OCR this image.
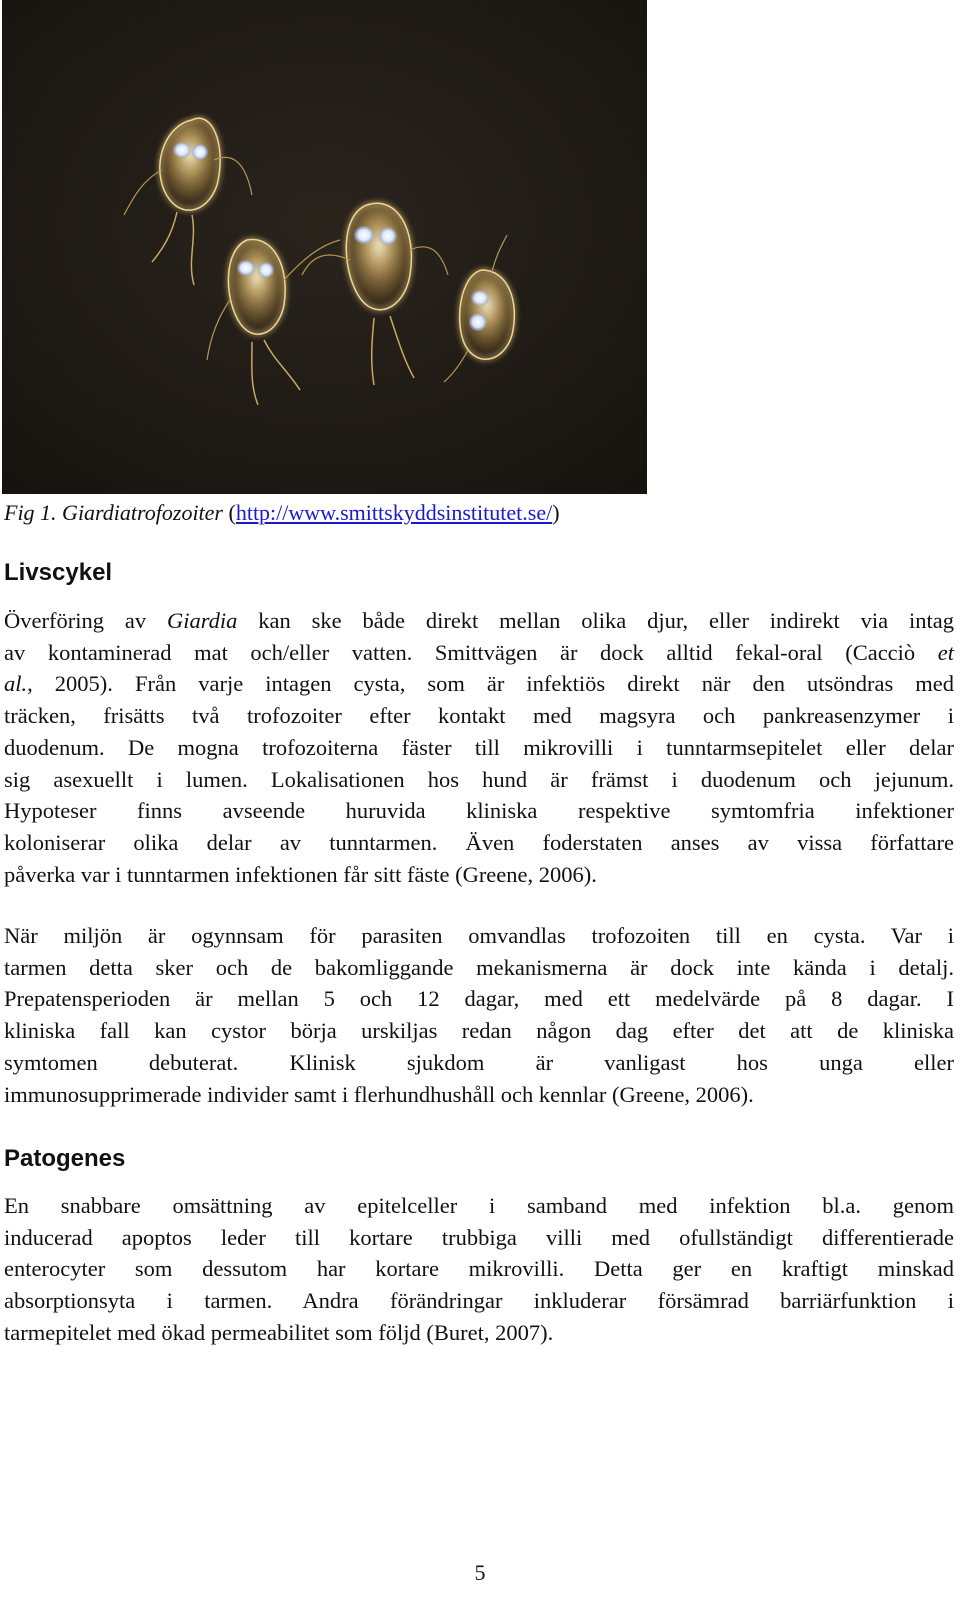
Fig 1. Giardiatrofozoiter (http://www.smittskyddsinstitutet.se/)
Livscykel
Överföring av Giardia kan ske både direkt mellan olika djur, eller indirekt via intag
av kontaminerad mat och/eller vatten. Smittvägen är dock alltid fekal-oral (Cacciò et
al., 2005). Från varje intagen cysta, som är infektiös direkt när den utsöndras med
träcken, frisätts två trofozoiter efter kontakt med magsyra och pankreasenzymer i
duodenum. De mogna trofozoiterna fäster till mikrovilli i tunntarmsepitelet eller delar
sig asexuellt i lumen. Lokalisationen hos hund är främst i duodenum och jejunum.
Hypoteser finns avseende huruvida kliniska respektive symtomfria infektioner
koloniserar olika delar av tunntarmen. Även foderstaten anses av vissa författare
påverka var i tunntarmen infektionen får sitt fäste (Greene, 2006).
När miljön är ogynnsam för parasiten omvandlas trofozoiten till en cysta. Var i
tarmen detta sker och de bakomliggande mekanismerna är dock inte kända i detalj.
Prepatensperioden är mellan 5 och 12 dagar, med ett medelvärde på 8 dagar. I
kliniska fall kan cystor börja urskiljas redan någon dag efter det att de kliniska
symtomen debuterat. Klinisk sjukdom är vanligast hos unga eller
immunosupprimerade individer samt i flerhundhushåll och kennlar (Greene, 2006).
Patogenes
En snabbare omsättning av epitelceller i samband med infektion bl.a. genom
inducerad apoptos leder till kortare trubbiga villi med ofullständigt differentierade
enterocyter som dessutom har kortare mikrovilli. Detta ger en kraftigt minskad
absorptionsyta i tarmen. Andra förändringar inkluderar försämrad barriärfunktion i
tarmepitelet med ökad permeabilitet som följd (Buret, 2007).
5
